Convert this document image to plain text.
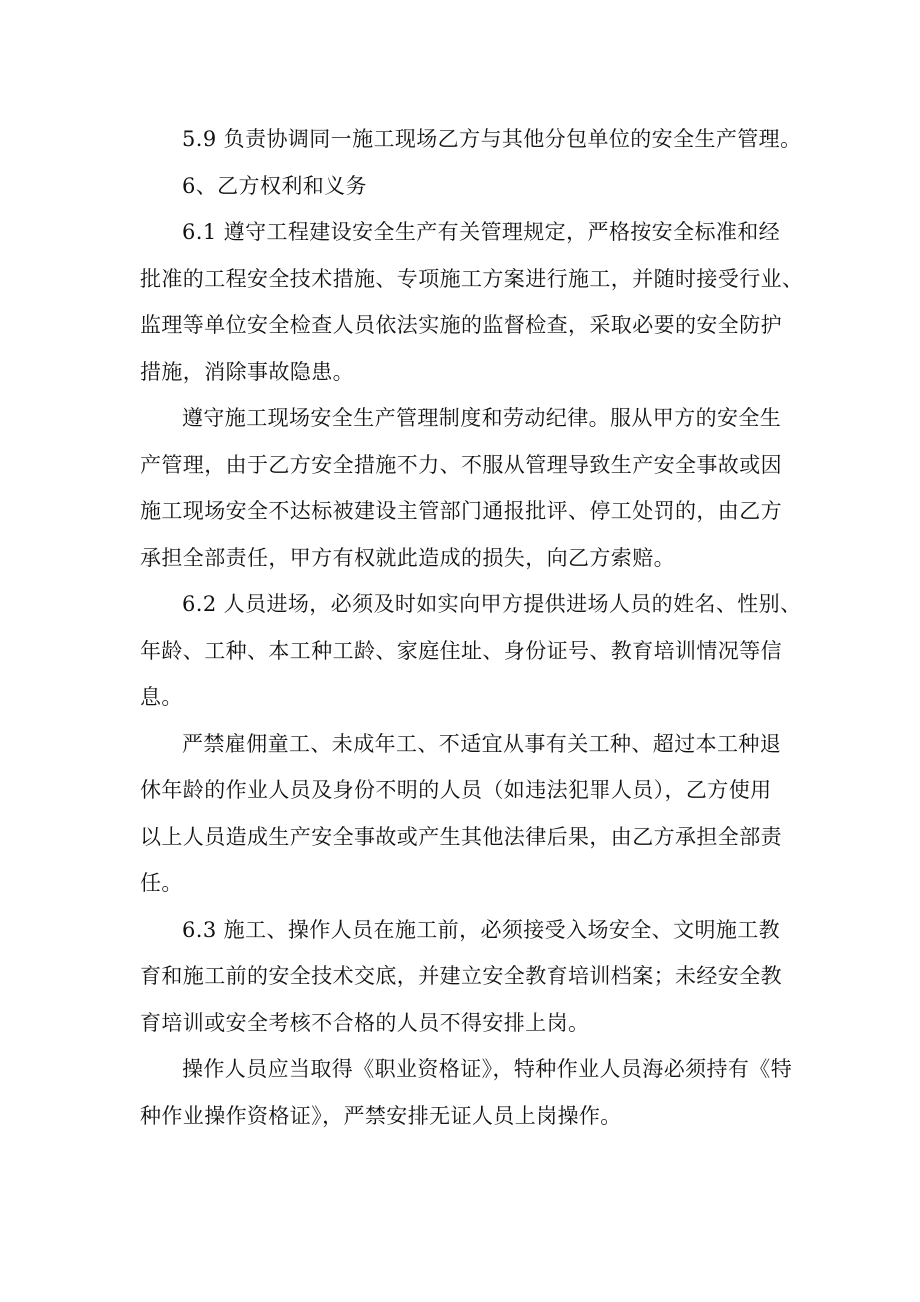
5.9 负责协调同一施工现场乙方与其他分包单位的安全生产管理。

6、乙方权利和义务

6.1 遵守工程建设安全生产有关管理规定，严格按安全标准和经
批准的工程安全技术措施、专项施工方案进行施工，并随时接受行业、
监理等单位安全检查人员依法实施的监督检查，采取必要的安全防护
措施，消除事故隐患。

遵守施工现场安全生产管理制度和劳动纪律。服从甲方的安全生
产管理，由于乙方安全措施不力、不服从管理导致生产安全事故或因
施工现场安全不达标被建设主管部门通报批评、停工处罚的，由乙方
承担全部责任，甲方有权就此造成的损失，向乙方索赔。

6.2 人员进场，必须及时如实向甲方提供进场人员的姓名、性别、
年龄、工种、本工种工龄、家庭住址、身份证号、教育培训情况等信
息。

严禁雇佣童工、未成年工、不适宜从事有关工种、超过本工种退
休年龄的作业人员及身份不明的人员（如违法犯罪人员），乙方使用
以上人员造成生产安全事故或产生其他法律后果，由乙方承担全部责
任。

6.3 施工、操作人员在施工前，必须接受入场安全、文明施工教
育和施工前的安全技术交底，并建立安全教育培训档案；未经安全教
育培训或安全考核不合格的人员不得安排上岗。

操作人员应当取得《职业资格证》，特种作业人员海必须持有《特
种作业操作资格证》，严禁安排无证人员上岗操作。
